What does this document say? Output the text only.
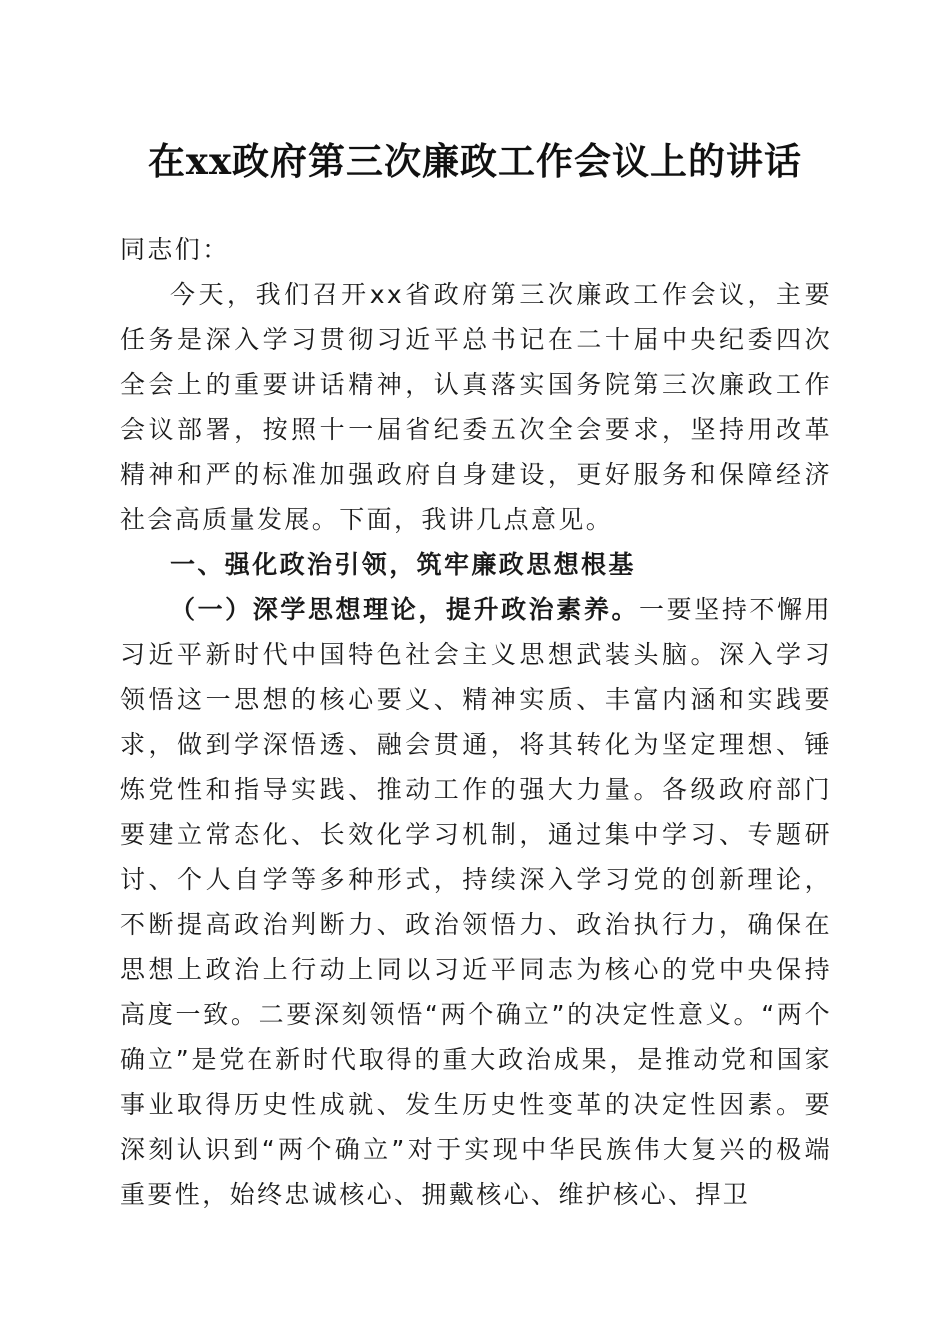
在xx政府第三次廉政工作会议上的讲话

同志们：

今天，我们召开xx省政府第三次廉政工作会议，主要任务是深入学习贯彻习近平总书记在二十届中央纪委四次全会上的重要讲话精神，认真落实国务院第三次廉政工作会议部署，按照十一届省纪委五次全会要求，坚持用改革精神和严的标准加强政府自身建设，更好服务和保障经济社会高质量发展。下面，我讲几点意见。

一、强化政治引领，筑牢廉政思想根基

（一）深学思想理论，提升政治素养。一要坚持不懈用习近平新时代中国特色社会主义思想武装头脑。深入学习领悟这一思想的核心要义、精神实质、丰富内涵和实践要求，做到学深悟透、融会贯通，将其转化为坚定理想、锤炼党性和指导实践、推动工作的强大力量。各级政府部门要建立常态化、长效化学习机制，通过集中学习、专题研讨、个人自学等多种形式，持续深入学习党的创新理论，不断提高政治判断力、政治领悟力、政治执行力，确保在思想上政治上行动上同以习近平同志为核心的党中央保持高度一致。二要深刻领悟“两个确立”的决定性意义。“两个确立”是党在新时代取得的重大政治成果，是推动党和国家事业取得历史性成就、发生历史性变革的决定性因素。要深刻认识到“两个确立”对于实现中华民族伟大复兴的极端重要性，始终忠诚核心、拥戴核心、维护核心、捍卫
